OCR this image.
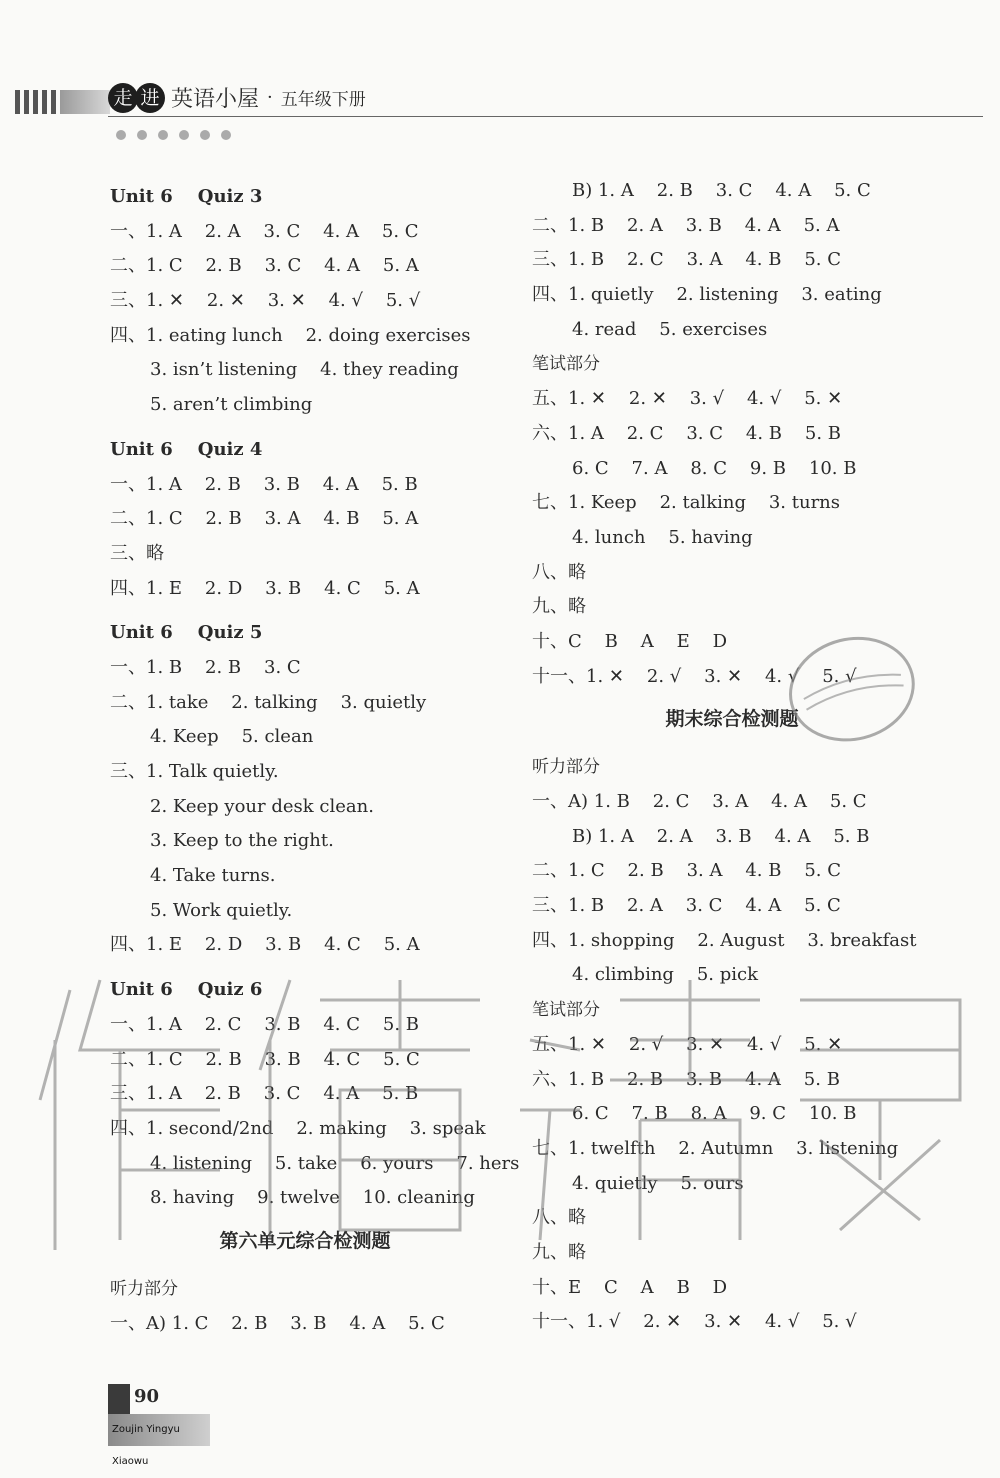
走 进 英语小屋 · 五年级下册
Unit 6    Quiz 3
一、1. A    2. A    3. C    4. A    5. C
二、1. C    2. B    3. C    4. A    5. A
三、1. ✕    2. ✕    3. ✕    4. √    5. √
四、1. eating lunch    2. doing exercises
3. isn’t listening    4. they reading
5. aren’t climbing
Unit 6    Quiz 4
一、1. A    2. B    3. B    4. A    5. B
二、1. C    2. B    3. A    4. B    5. A
三、略
四、1. E    2. D    3. B    4. C    5. A
Unit 6    Quiz 5
一、1. B    2. B    3. C
二、1. take    2. talking    3. quietly
4. Keep    5. clean
三、1. Talk quietly.
2. Keep your desk clean.
3. Keep to the right.
4. Take turns.
5. Work quietly.
四、1. E    2. D    3. B    4. C    5. A
Unit 6    Quiz 6
一、1. A    2. C    3. B    4. C    5. B
二、1. C    2. B    3. B    4. C    5. C
三、1. A    2. B    3. C    4. A    5. B
四、1. second/2nd    2. making    3. speak
4. listening    5. take    6. yours    7. hers
8. having    9. twelve    10. cleaning
第六单元综合检测题
听力部分
一、A) 1. C    2. B    3. B    4. A    5. C
B) 1. A    2. B    3. C    4. A    5. C
二、1. B    2. A    3. B    4. A    5. A
三、1. B    2. C    3. A    4. B    5. C
四、1. quietly    2. listening    3. eating
4. read    5. exercises
笔试部分
五、1. ✕    2. ✕    3. √    4. √    5. ✕
六、1. A    2. C    3. C    4. B    5. B
6. C    7. A    8. C    9. B    10. B
七、1. Keep    2. talking    3. turns
4. lunch    5. having
八、略
九、略
十、C    B    A    E    D
十一、1. ✕    2. √    3. ✕    4. √    5. √
期末综合检测题
听力部分
一、A) 1. B    2. C    3. A    4. A    5. C
B) 1. A    2. A    3. B    4. A    5. B
二、1. C    2. B    3. A    4. B    5. C
三、1. B    2. A    3. C    4. A    5. C
四、1. shopping    2. August    3. breakfast
4. climbing    5. pick
笔试部分
五、1. ✕    2. √    3. ✕    4. √    5. ✕
六、1. B    2. B    3. B    4. A    5. B
6. C    7. B    8. A    9. C    10. B
七、1. twelfth    2. Autumn    3. listening
4. quietly    5. ours
八、略
九、略
十、E    C    A    B    D
十一、1. √    2. ✕    3. ✕    4. √    5. √
90
Zoujin Yingyu Xiaowu
